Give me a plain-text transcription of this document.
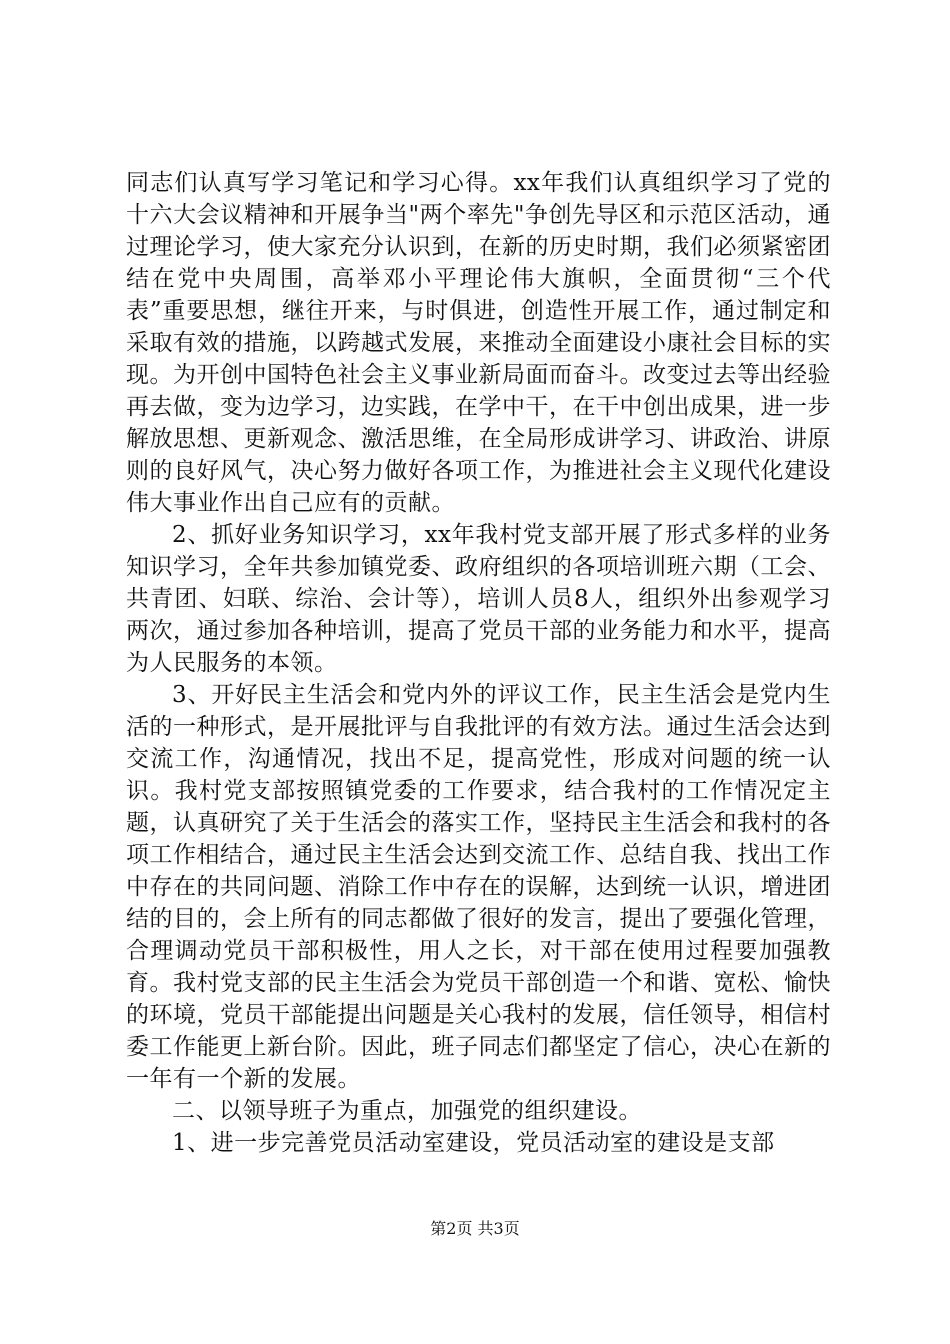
同志们认真写学习笔记和学习心得。xx年我们认真组织学习了党的十六大会议精神和开展争当"两个率先"争创先导区和示范区活动，通过理论学习，使大家充分认识到，在新的历史时期，我们必须紧密团结在党中央周围，高举邓小平理论伟大旗帜，全面贯彻“三个代表”重要思想，继往开来，与时俱进，创造性开展工作，通过制定和采取有效的措施，以跨越式发展，来推动全面建设小康社会目标的实现。为开创中国特色社会主义事业新局面而奋斗。改变过去等出经验再去做，变为边学习，边实践，在学中干，在干中创出成果，进一步解放思想、更新观念、激活思维，在全局形成讲学习、讲政治、讲原则的良好风气，决心努力做好各项工作，为推进社会主义现代化建设伟大事业作出自己应有的贡献。

2、抓好业务知识学习，xx年我村党支部开展了形式多样的业务知识学习，全年共参加镇党委、政府组织的各项培训班六期（工会、共青团、妇联、综治、会计等），培训人员8人，组织外出参观学习两次，通过参加各种培训，提高了党员干部的业务能力和水平，提高为人民服务的本领。

3、开好民主生活会和党内外的评议工作，民主生活会是党内生活的一种形式，是开展批评与自我批评的有效方法。通过生活会达到交流工作，沟通情况，找出不足，提高党性，形成对问题的统一认识。我村党支部按照镇党委的工作要求，结合我村的工作情况定主题，认真研究了关于生活会的落实工作，坚持民主生活会和我村的各项工作相结合，通过民主生活会达到交流工作、总结自我、找出工作中存在的共同问题、消除工作中存在的误解，达到统一认识，增进团结的目的，会上所有的同志都做了很好的发言，提出了要强化管理，合理调动党员干部积极性，用人之长，对干部在使用过程要加强教育。我村党支部的民主生活会为党员干部创造一个和谐、宽松、愉快的环境，党员干部能提出问题是关心我村的发展，信任领导，相信村委工作能更上新台阶。因此，班子同志们都坚定了信心，决心在新的一年有一个新的发展。

二、以领导班子为重点，加强党的组织建设。

1、进一步完善党员活动室建设，党员活动室的建设是支部

第2页 共3页
